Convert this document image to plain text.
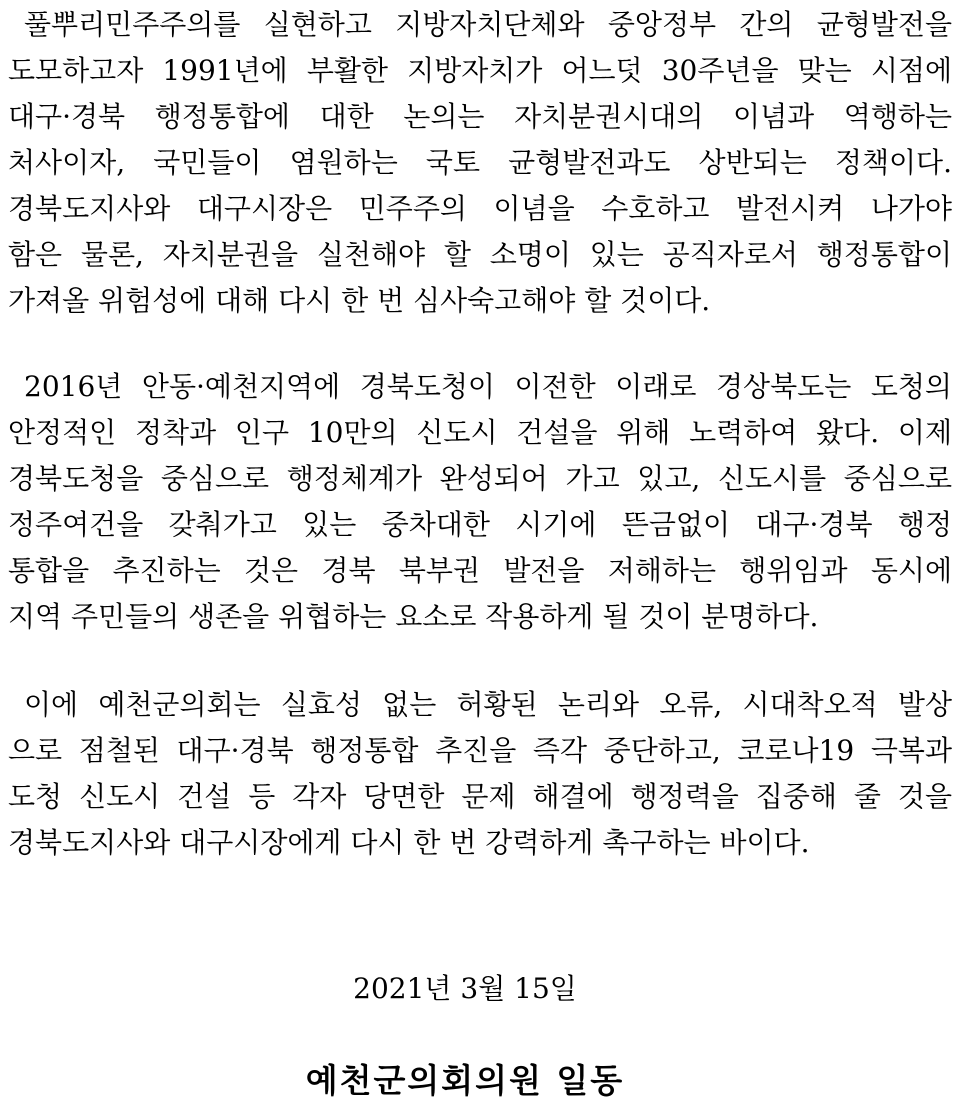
풀뿌리민주주의를 실현하고 지방자치단체와 중앙정부 간의 균형발전을
도모하고자 1991년에 부활한 지방자치가 어느덧 30주년을 맞는 시점에
대구·경북 행정통합에 대한 논의는 자치분권시대의 이념과 역행하는
처사이자, 국민들이 염원하는 국토 균형발전과도 상반되는 정책이다.
경북도지사와 대구시장은 민주주의 이념을 수호하고 발전시켜 나가야
함은 물론, 자치분권을 실천해야 할 소명이 있는 공직자로서 행정통합이
가져올 위험성에 대해 다시 한 번 심사숙고해야 할 것이다.
2016년 안동·예천지역에 경북도청이 이전한 이래로 경상북도는 도청의
안정적인 정착과 인구 10만의 신도시 건설을 위해 노력하여 왔다. 이제
경북도청을 중심으로 행정체계가 완성되어 가고 있고, 신도시를 중심으로
정주여건을 갖춰가고 있는 중차대한 시기에 뜬금없이 대구·경북 행정
통합을 추진하는 것은 경북 북부권 발전을 저해하는 행위임과 동시에
지역 주민들의 생존을 위협하는 요소로 작용하게 될 것이 분명하다.
이에 예천군의회는 실효성 없는 허황된 논리와 오류, 시대착오적 발상
으로 점철된 대구·경북 행정통합 추진을 즉각 중단하고, 코로나19 극복과
도청 신도시 건설 등 각자 당면한 문제 해결에 행정력을 집중해 줄 것을
경북도지사와 대구시장에게 다시 한 번 강력하게 촉구하는 바이다.
2021년 3월 15일
예천군의회의원 일동
